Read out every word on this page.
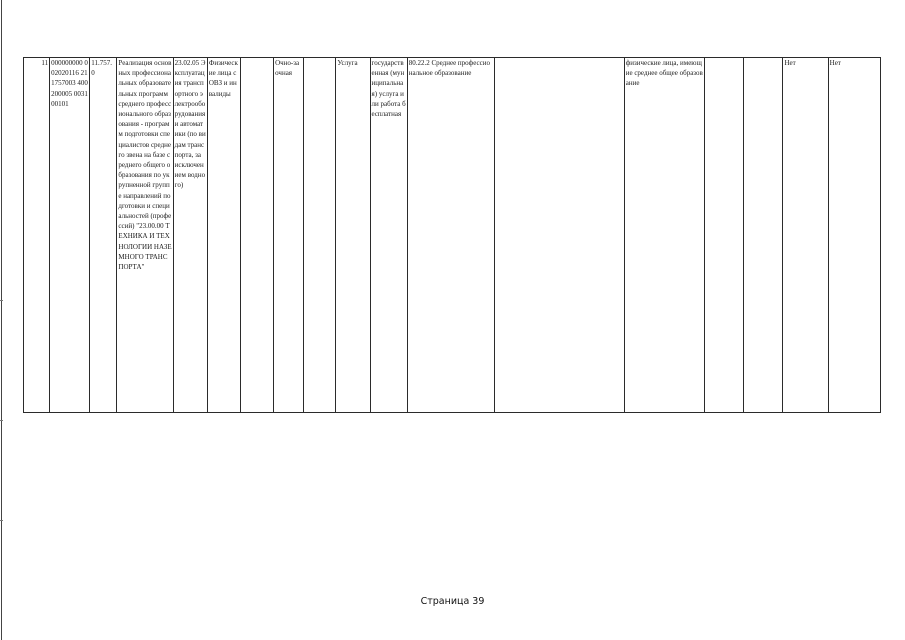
11	000000000 002020116 211757003 400200005 003100101	11.757.0	Реализация основных профессиональных образовательных программ среднего профессионального образования - программ подготовки специалистов среднего звена на базе среднего общего образования по укрупненной группе направлений подготовки и специальностей (профессий) "23.00.00 ТЕХНИКА И ТЕХНОЛОГИИ НАЗЕМНОГО ТРАНСПОРТА"	23.02.05 Эксплуатация транспортного электрооборудования и автоматики (по видам транспорта, за исключением водного)	Физические лица с ОВЗ и инвалиды		Очно-заочная		Услуга	государственная (муниципальная) услуга или работа бесплатная	80.22.2 Среднее профессиональное образование		физические лица, имеющие среднее общее образование			Нет	Нет
Страница 39
